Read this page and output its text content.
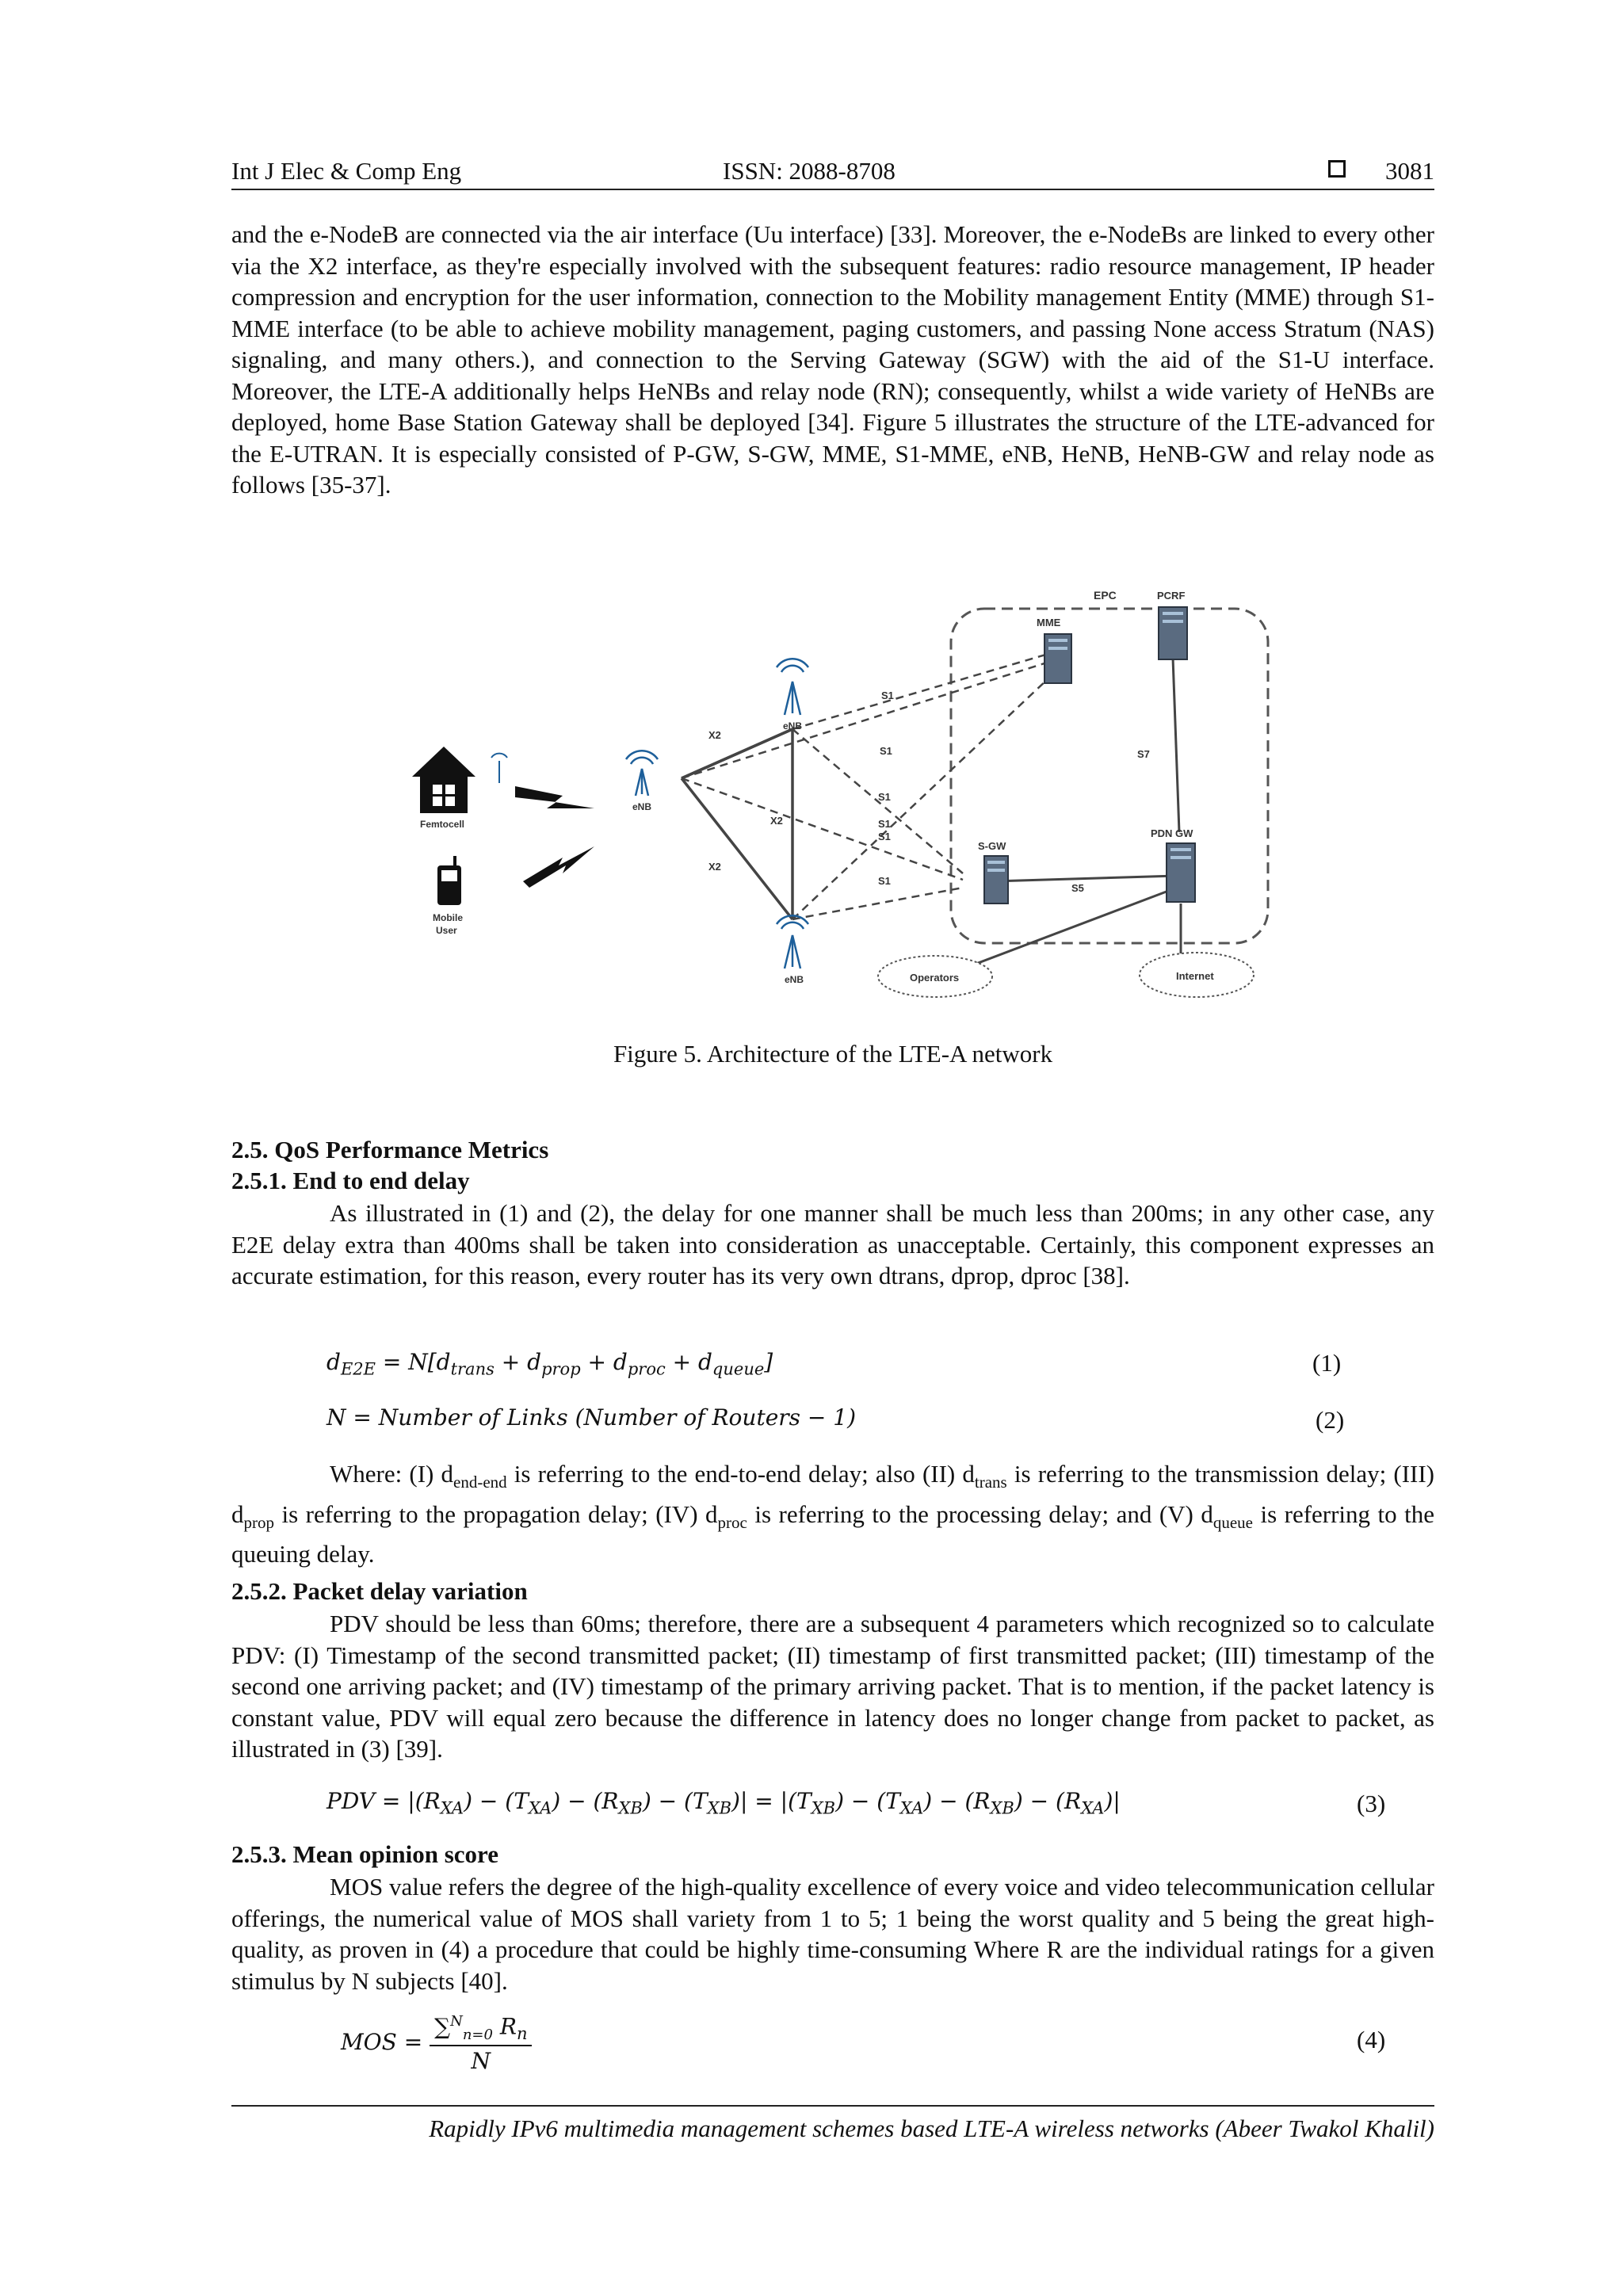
Int J Elec & Comp Eng	ISSN: 2088-8708	3081

and the e-NodeB are connected via the air interface (Uu interface) [33]. Moreover, the e-NodeBs are linked to every other via the X2 interface, as they're especially involved with the subsequent features: radio resource management, IP header compression and encryption for the user information, connection to the Mobility management Entity (MME) through S1-MME interface (to be able to achieve mobility management, paging customers, and passing None access Stratum (NAS) signaling, and many others.), and connection to the Serving Gateway (SGW) with the aid of the S1-U interface. Moreover, the LTE-A additionally helps HeNBs and relay node (RN); consequently, whilst a wide variety of HeNBs are deployed, home Base Station Gateway shall be deployed [34]. Figure 5 illustrates the structure of the LTE-advanced for the E-UTRAN. It is especially consisted of P-GW, S-GW, MME, S1-MME, eNB, HeNB, HeNB-GW and relay node as follows [35-37].

EPC
S1
S1
S1
S1
S1
S1
S7
S5
X2
X2
X2
MME
PCRF
S-GW
PDN GW
eNB
eNB
eNB
Femtocell
Mobile
User
Operators	Internet
Figure 5. Architecture of the LTE-A network
2.5. QoS Performance Metrics
2.5.1. End to end delay
As illustrated in (1) and (2), the delay for one manner shall be much less than 200ms; in any other case, any E2E delay extra than 400ms shall be taken into consideration as unacceptable. Certainly, this component expresses an accurate estimation, for this reason, every router has its very own dtrans, dprop, dproc [38].
$d_{E2E} = N[d_{trans} + d_{prop} + d_{proc} + d_{queue}]$	(1)
N = Number of Links (Number of Routers − 1)	(2)
Where: (I) $d_{end-end}$ is referring to the end-to-end delay; also (II) $d_{trans}$ is referring to the transmission delay; (III) $d_{prop}$ is referring to the propagation delay; (IV) $d_{proc}$ is referring to the processing delay; and (V) $d_{queue}$ is referring to the queuing delay.
2.5.2. Packet delay variation
PDV should be less than 60ms; therefore, there are a subsequent 4 parameters which recognized so to calculate PDV: (I) Timestamp of the second transmitted packet; (II) timestamp of first transmitted packet; (III) timestamp of the second one arriving packet; and (IV) timestamp of the primary arriving packet. That is to mention, if the packet latency is constant value, PDV will equal zero because the difference in latency does no longer change from packet to packet, as illustrated in (3) [39].
PDV = $|(R_{XA}) - (T_{XA}) - (R_{XB}) - (T_{XB})| = |(T_{XB}) - (T_{XA}) - (R_{XB}) - (R_{XA})|$	(3)
2.5.3. Mean opinion score
MOS value refers the degree of the high-quality excellence of every voice and video telecommunication cellular offerings, the numerical value of MOS shall variety from 1 to 5; 1 being the worst quality and 5 being the great high-quality, as proven in (4) a procedure that could be highly time-consuming Where R are the individual ratings for a given stimulus by N subjects [40].
MOS = $\frac{\sum^N_{n=0} R_n}{N}$	(4)
Rapidly IPv6 multimedia management schemes based LTE-A wireless networks (Abeer Twakol Khalil)
